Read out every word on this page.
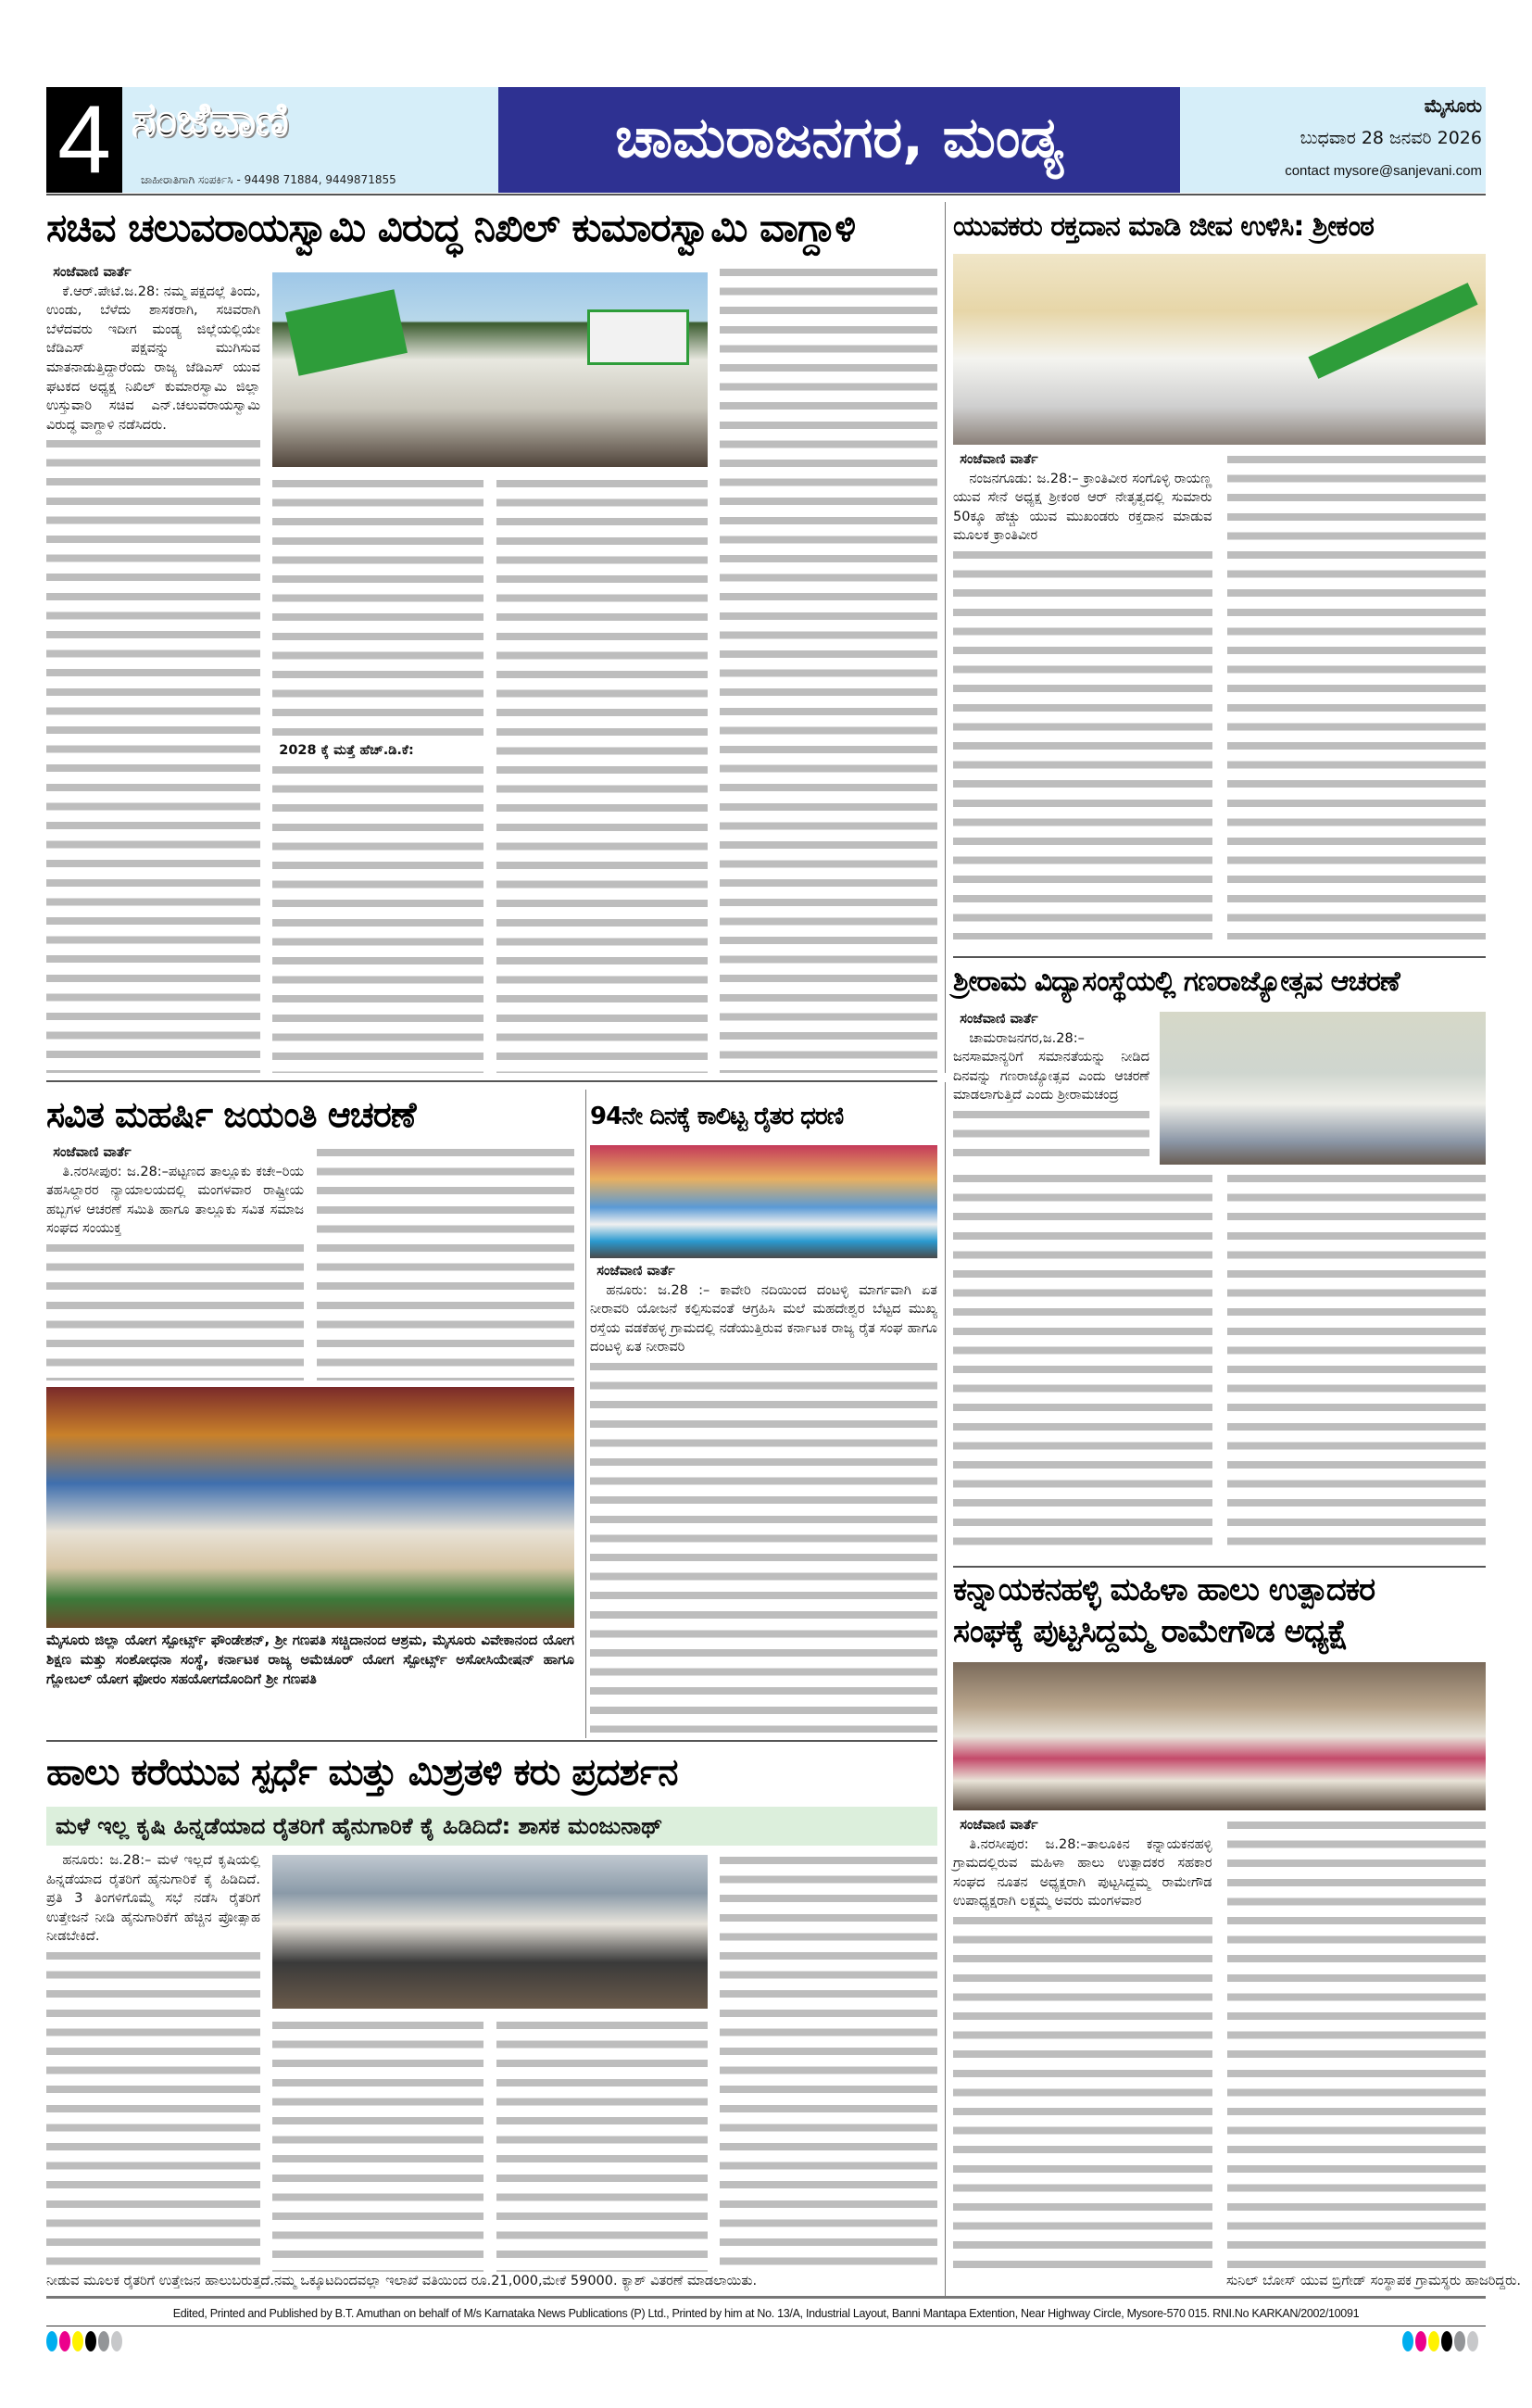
4 ಸಂಜೆವಾಣಿ
ಜಾಹೀರಾತಿಗಾಗಿ ಸಂಪರ್ಕಿಸಿ - 94498 71884, 9449871855
ಚಾಮರಾಜನಗರ, ಮಂಡ್ಯ	ಮೈಸೂರು
ಬುಧವಾರ 28 ಜನವರಿ 2026
contact mysore@sanjevani.com
ಸಚಿವ ಚಲುವರಾಯಸ್ವಾಮಿ ವಿರುದ್ಧ ನಿಖಿಲ್ ಕುಮಾರಸ್ವಾಮಿ ವಾಗ್ದಾಳಿ

ಸಂಜೆವಾಣಿ ವಾರ್ತೆ

ಕೆ.ಆರ್.ಪೇಟೆ.ಜ.28: ನಮ್ಮ ಪಕ್ಷದಲ್ಲೆ ತಿಂದು, ಉಂಡು, ಬೆಳೆದು ಶಾಸಕರಾಗಿ, ಸಚಿವರಾಗಿ ಬೆಳೆದವರು ಇದೀಗ ಮಂಡ್ಯ ಜಿಲ್ಲೆಯಲ್ಲಿಯೇ ಜೆಡಿಎಸ್ ಪಕ್ಷವನ್ನು ಮುಗಿಸುವ ಮಾತನಾಡುತ್ತಿದ್ದಾರೆಂದು ರಾಜ್ಯ ಜೆಡಿಎಸ್ ಯುವ ಘಟಕದ ಅಧ್ಯಕ್ಷ ನಿಖಿಲ್ ಕುಮಾರಸ್ವಾಮಿ ಜಿಲ್ಲಾ ಉಸ್ತುವಾರಿ ಸಚಿವ ಎನ್.ಚಲುವರಾಯಸ್ವಾಮಿ ವಿರುದ್ಧ ವಾಗ್ದಾಳಿ ನಡೆಸಿದರು.

2028 ಕ್ಕೆ ಮತ್ತೆ ಹೆಚ್.ಡಿ.ಕೆ:

ಯುವಕರು ರಕ್ತದಾನ ಮಾಡಿ ಜೀವ ಉಳಿಸಿ: ಶ್ರೀಕಂಠ

ಸಂಜೆವಾಣಿ ವಾರ್ತೆ

ನಂಜನಗೂಡು: ಜ.28:– ಕ್ರಾಂತಿವೀರ ಸಂಗೊಳ್ಳಿ ರಾಯಣ್ಣ ಯುವ ಸೇನೆ ಅಧ್ಯಕ್ಷ ಶ್ರೀಕಂಠ ಆರ್ ನೇತೃತ್ವದಲ್ಲಿ ಸುಮಾರು 50ಕ್ಕೂ ಹೆಚ್ಚು ಯುವ ಮುಖಂಡರು ರಕ್ತದಾನ ಮಾಡುವ ಮೂಲಕ ಕ್ರಾಂತಿವೀರ

ಶ್ರೀರಾಮ ವಿದ್ಯಾಸಂಸ್ಥೆಯಲ್ಲಿ ಗಣರಾಜ್ಯೋತ್ಸವ ಆಚರಣೆ

ಸಂಜೆವಾಣಿ ವಾರ್ತೆ

ಚಾಮರಾಜನಗರ,ಜ.28:–ಜನಸಾಮಾನ್ಯರಿಗೆ ಸಮಾನತೆಯನ್ನು ನೀಡಿದ ದಿನವನ್ನು ಗಣರಾಜ್ಯೋತ್ಸವ ಎಂದು ಆಚರಣೆ ಮಾಡಲಾಗುತ್ತಿದೆ ಎಂದು ಶ್ರೀರಾಮಚಂದ್ರ

ಕನ್ನಾಯಕನಹಳ್ಳಿ ಮಹಿಳಾ ಹಾಲು ಉತ್ಪಾದಕರ
ಸಂಘಕ್ಕೆ ಪುಟ್ಟಸಿದ್ದಮ್ಮ ರಾಮೇಗೌಡ ಅಧ್ಯಕ್ಷೆ

ಸಂಜೆವಾಣಿ ವಾರ್ತೆ

ತಿ.ನರಸೀಪುರ: ಜ.28:–ತಾಲೂಕಿನ ಕನ್ನಾಯಕನಹಳ್ಳಿ ಗ್ರಾಮದಲ್ಲಿರುವ ಮಹಿಳಾ ಹಾಲು ಉತ್ಪಾದಕರ ಸಹಕಾರ ಸಂಘದ ನೂತನ ಅಧ್ಯಕ್ಷರಾಗಿ ಪುಟ್ಟಸಿದ್ದಮ್ಮ ರಾಮೇಗೌಡ ಉಪಾಧ್ಯಕ್ಷರಾಗಿ ಲಕ್ಷ್ಮಮ್ಮ ಅವರು ಮಂಗಳವಾರ

ಸುನಿಲ್ ಬೋಸ್ ಯುವ ಬ್ರಿಗೇಡ್ ಸಂಸ್ಥಾಪಕ ಗ್ರಾಮಸ್ಥರು ಹಾಜರಿದ್ದರು.
ಸವಿತ ಮಹರ್ಷಿ ಜಯಂತಿ ಆಚರಣೆ

ಸಂಜೆವಾಣಿ ವಾರ್ತೆ

ತಿ.ನರಸೀಪುರ: ಜ.28:–ಪಟ್ಟಣದ ತಾಲ್ಲೂಕು ಕಚೇ–ರಿಯ ತಹಸಿಲ್ದಾರರ ನ್ಯಾಯಾಲಯದಲ್ಲಿ ಮಂಗಳವಾರ ರಾಷ್ಟ್ರೀಯ ಹಬ್ಬಗಳ ಆಚರಣೆ ಸಮಿತಿ ಹಾಗೂ ತಾಲ್ಲೂಕು ಸವಿತ ಸಮಾಜ ಸಂಘದ ಸಂಯುಕ್ತ

ಮೈಸೂರು ಜಿಲ್ಲಾ ಯೋಗ ಸ್ಪೋರ್ಟ್ಸ್ ಫೌಂಡೇಶನ್, ಶ್ರೀ ಗಣಪತಿ ಸಚ್ಚಿದಾನಂದ ಆಶ್ರಮ, ಮೈಸೂರು ವಿವೇಕಾನಂದ ಯೋಗ ಶಿಕ್ಷಣ ಮತ್ತು ಸಂಶೋಧನಾ ಸಂಸ್ಥೆ, ಕರ್ನಾಟಕ ರಾಜ್ಯ ಅಮೆಚೂರ್ ಯೋಗ ಸ್ಪೋರ್ಟ್ಸ್ ಅಸೋಸಿಯೇಷನ್ ಹಾಗೂ ಗ್ಲೋಬಲ್ ಯೋಗ ಫೋರಂ ಸಹಯೋಗದೊಂದಿಗೆ ಶ್ರೀ ಗಣಪತಿ
94ನೇ ದಿನಕ್ಕೆ ಕಾಲಿಟ್ಟ ರೈತರ ಧರಣಿ

ಸಂಜೆವಾಣಿ ವಾರ್ತೆ

ಹನೂರು: ಜ.28 :– ಕಾವೇರಿ ನದಿಯಿಂದ ದಂಟಳ್ಳಿ ಮಾರ್ಗವಾಗಿ ಏತ ನೀರಾವರಿ ಯೋಜನೆ ಕಲ್ಪಿಸುವಂತೆ ಆಗ್ರಹಿಸಿ ಮಲೆ ಮಹದೇಶ್ವರ ಬೆಟ್ಟದ ಮುಖ್ಯ ರಸ್ತೆಯ ವಡಕೆಹಳ್ಳ ಗ್ರಾಮದಲ್ಲಿ ನಡೆಯುತ್ತಿರುವ ಕರ್ನಾಟಕ ರಾಜ್ಯ ರೈತ ಸಂಘ ಹಾಗೂ ದಂಟಳ್ಳಿ ಏತ ನೀರಾವರಿ

ಹಾಲು ಕರೆಯುವ ಸ್ಪರ್ಧೆ ಮತ್ತು ಮಿಶ್ರತಳಿ ಕರು ಪ್ರದರ್ಶನ
ಮಳೆ ಇಲ್ಲ ಕೃಷಿ ಹಿನ್ನಡೆಯಾದ ರೈತರಿಗೆ ಹೈನುಗಾರಿಕೆ ಕೈ ಹಿಡಿದಿದೆ: ಶಾಸಕ ಮಂಜುನಾಥ್

ಹನೂರು: ಜ.28:– ಮಳೆ ಇಲ್ಲದೆ ಕೃಷಿಯಲ್ಲಿ ಹಿನ್ನಡೆಯಾದ ರೈತರಿಗೆ ಹೈನುಗಾರಿಕೆ ಕೈ ಹಿಡಿದಿದೆ. ಪ್ರತಿ 3 ತಿಂಗಳಿಗೊಮ್ಮೆ ಸಭೆ ನಡೆಸಿ ರೈತರಿಗೆ ಉತ್ತೇಜನೆ ನೀಡಿ ಹೈನುಗಾರಿಕೆಗೆ ಹೆಚ್ಚಿನ ಪ್ರೋತ್ಸಾಹ ನೀಡಬೇಕಿದೆ.

ನೀಡುವ ಮೂಲಕ ರೈತರಿಗೆ ಉತ್ತೇಜನ ಹಾಲುಬರುತ್ತದೆ.ನಮ್ಮ ಒಕ್ಕೂಟದಿಂದವಲ್ಲಾ ಇಲಾಖೆ ವತಿಯಿಂದ ರೂ.21,000,ಮೇಕೆ 59000. ಕ್ಯಾಶ್ ವಿತರಣೆ ಮಾಡಲಾಯಿತು.
Edited, Printed and Published by B.T. Amuthan on behalf of M/s Karnataka News Publications (P) Ltd., Printed by him at No. 13/A, Industrial Layout, Banni Mantapa Extention, Near Highway Circle, Mysore-570 015. RNI.No KARKAN/2002/10091
